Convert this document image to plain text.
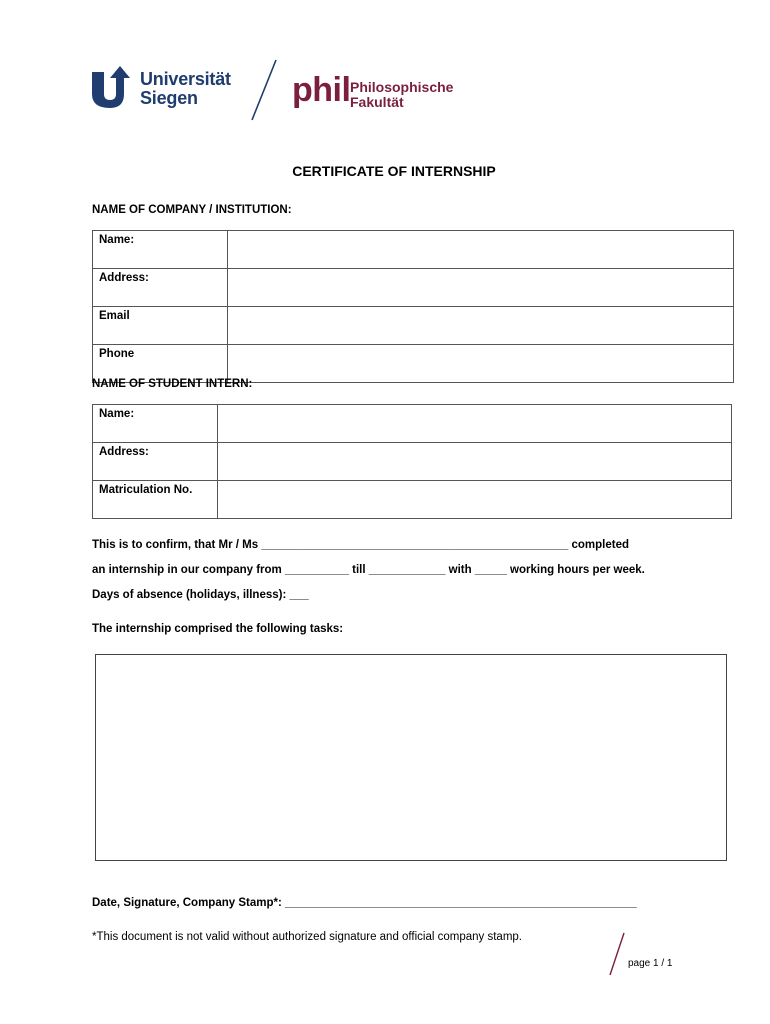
Universität
Siegen	phil Philosophische
Fakultät
CERTIFICATE OF INTERNSHIP
NAME OF COMPANY / INSTITUTION:
Name:	
Address:	
Email	
Phone	
NAME OF STUDENT INTERN:
Name:	
Address:	
Matriculation No.	
This is to confirm, that Mr / Ms ________________________________________________ completed
an internship in our company from __________ till ____________ with _____ working hours per week.
Days of absence (holidays, illness): ___
The internship comprised the following tasks:
Date, Signature, Company Stamp*: _______________________________________________________
*This document is not valid without authorized signature and official company stamp.
page 1 / 1
